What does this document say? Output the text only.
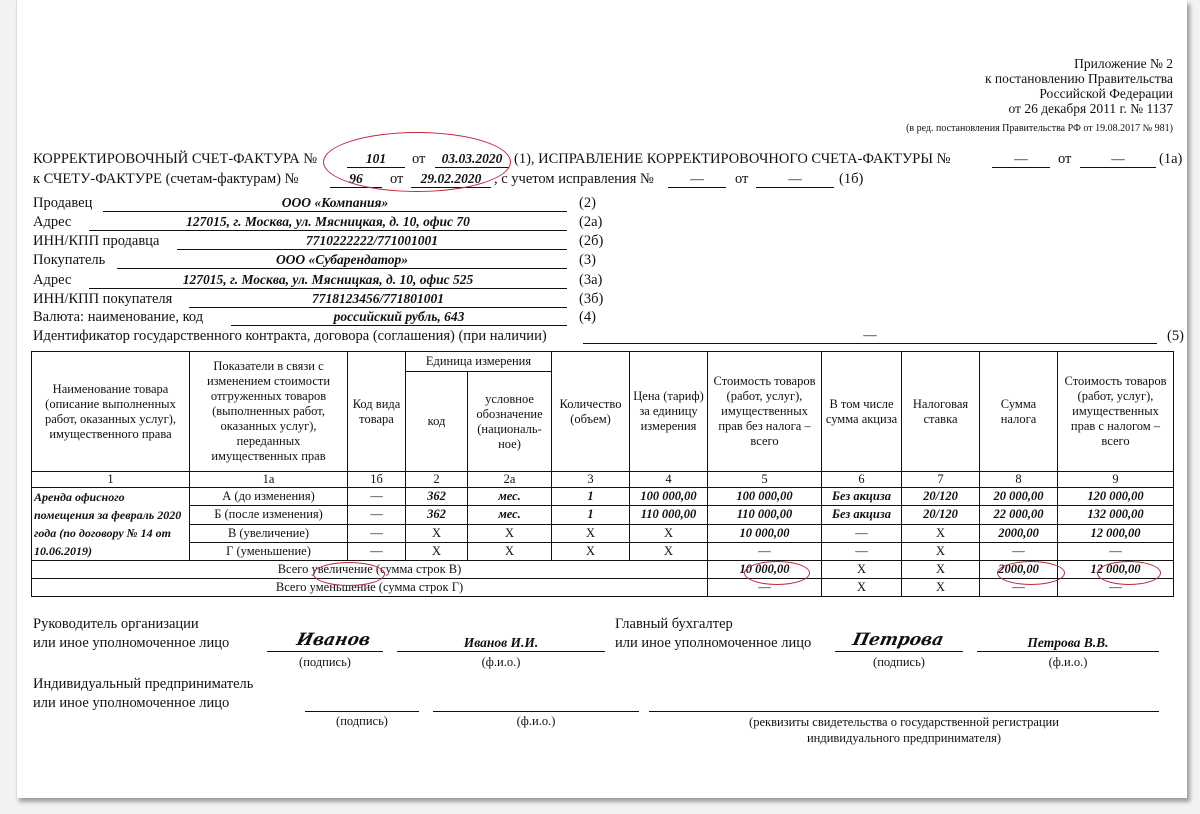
Приложение № 2
к постановлению Правительства
Российской Федерации
от 26 декабря 2011 г. № 1137
(в ред. постановления Правительства РФ от 19.08.2017 № 981)
КОРРЕКТИРОВОЧНЫЙ СЧЕТ-ФАКТУРА №	101	от	03.03.2020 (1), ИСПРАВЛЕНИЕ КОРРЕКТИРОВОЧНОГО СЧЕТА-ФАКТУРЫ №	—	от	—	(1а)
к СЧЕТУ-ФАКТУРЕ (счетам-фактурам) №	96	от	29.02.2020 , с учетом исправления №	—	от	—	(1б)
Продавец	ООО «Компания»	(2)
Адрес	127015, г. Москва, ул. Мясницкая, д. 10, офис 70	(2а)
ИНН/КПП продавца	7710222222/771001001	(2б)
Покупатель	ООО «Субарендатор»	(3)
Адрес	127015, г. Москва, ул. Мясницкая, д. 10, офис 525	(3а)
ИНН/КПП покупателя	7718123456/771801001	(3б)
Валюта: наименование, код	российский рубль, 643	(4)
Идентификатор государственного контракта, договора (соглашения) (при наличии)	—	(5)
Наименование товара (описание выполненных работ, оказанных услуг), имущественного права	Показатели в связи с изменением стоимости отгруженных товаров (выполненных работ, оказанных услуг), переданных имущественных прав	Код вида товара	Единица измерения		Количество (объем)	Цена (тариф) за единицу измерения	Стоимость товаров (работ, услуг), имущественных прав без налога – всего	В том числе сумма акциза	Налоговая ставка	Сумма налога	Стоимость товаров (работ, услуг), имущественных прав с налогом – всего
			код	условное обозначение (националь-ное)							
1	1а	1б	2	2а	3	4	5	6	7	8	9
Аренда офисного помещения за февраль 2020 года (по договору № 14 от 10.06.2019)	А (до изменения)	—	362	мес.	1	100 000,00	100 000,00	Без акциза	20/120	20 000,00	120 000,00
	Б (после изменения)	—	362	мес.	1	110 000,00	110 000,00	Без акциза	20/120	22 000,00	132 000,00
	В (увеличение)	—	Х	Х	Х	Х	10 000,00	—	Х	2000,00	12 000,00
	Г (уменьшение)	—	Х	Х	Х	Х	—	—	Х	—	—
Всего увеличение (сумма строк В)							10 000,00	Х	Х	2000,00	12 000,00
Всего уменьшение (сумма строк Г)							—	Х	Х	—	—
Руководитель организации
или иное уполномоченное лицо	Иванов
(подпись)
Иванов И.И.
(ф.и.о.)
Главный бухгалтер
или иное уполномоченное лицо Петрова
(подпись)
Петрова В.В.
(ф.и.о.)
Индивидуальный предприниматель
или иное уполномоченное лицо
(подпись)	(ф.и.о.)	(реквизиты свидетельства о государственной регистрации
индивидуального предпринимателя)
